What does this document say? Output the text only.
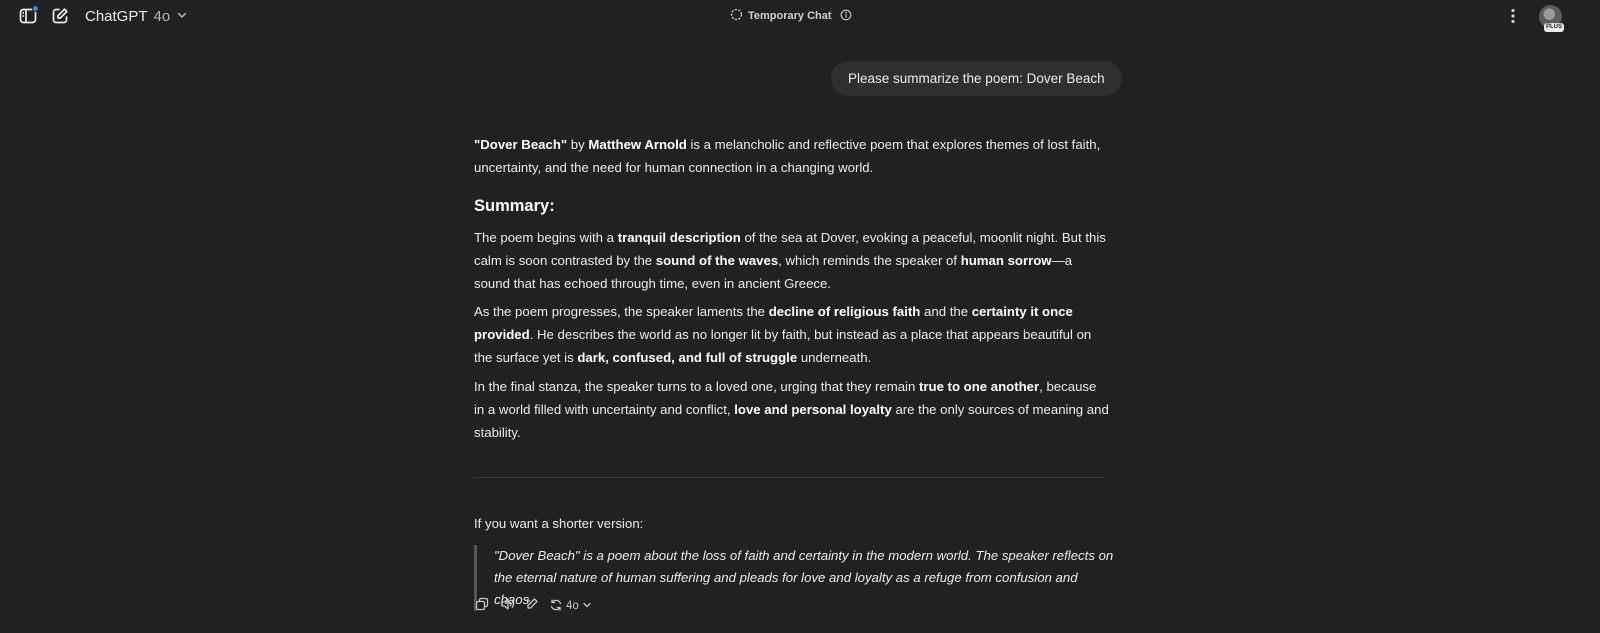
ChatGPT 4o	Temporary Chat
PLUS
Please summarize the poem: Dover Beach

"Dover Beach" by Matthew Arnold is a melancholic and reflective poem that explores themes of lost faith, uncertainty, and the need for human connection in a changing world.

Summary:

The poem begins with a tranquil description of the sea at Dover, evoking a peaceful, moonlit night. But this calm is soon contrasted by the sound of the waves, which reminds the speaker of human sorrow—a sound that has echoed through time, even in ancient Greece.

As the poem progresses, the speaker laments the decline of religious faith and the certainty it once provided. He describes the world as no longer lit by faith, but instead as a place that appears beautiful on the surface yet is dark, confused, and full of struggle underneath.

In the final stanza, the speaker turns to a loved one, urging that they remain true to one another, because in a world filled with uncertainty and conflict, love and personal loyalty are the only sources of meaning and stability.

If you want a shorter version:

"Dover Beach" is a poem about the loss of faith and certainty in the modern world. The speaker reflects on the eternal nature of human suffering and pleads for love and loyalty as a refuge from confusion and chaos.	4o
